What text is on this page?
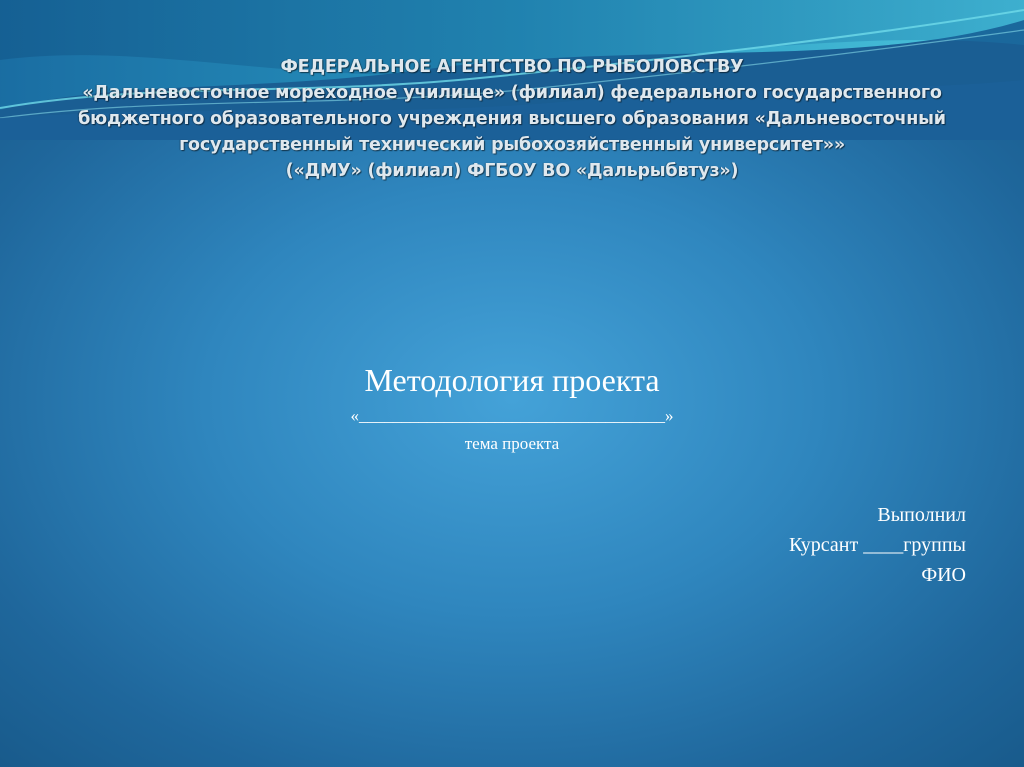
ФЕДЕРАЛЬНОЕ АГЕНТСТВО ПО РЫБОЛОВСТВУ
«Дальневосточное мореходное училище» (филиал) федерального государственного
бюджетного образовательного учреждения высшего образования «Дальневосточный
государственный технический рыбохозяйственный университет»»
(«ДМУ» (филиал) ФГБОУ ВО «Дальрыбвтуз»)
Методология проекта
«____________________________________»
тема проекта
Выполнил
Курсант ____группы
ФИО
